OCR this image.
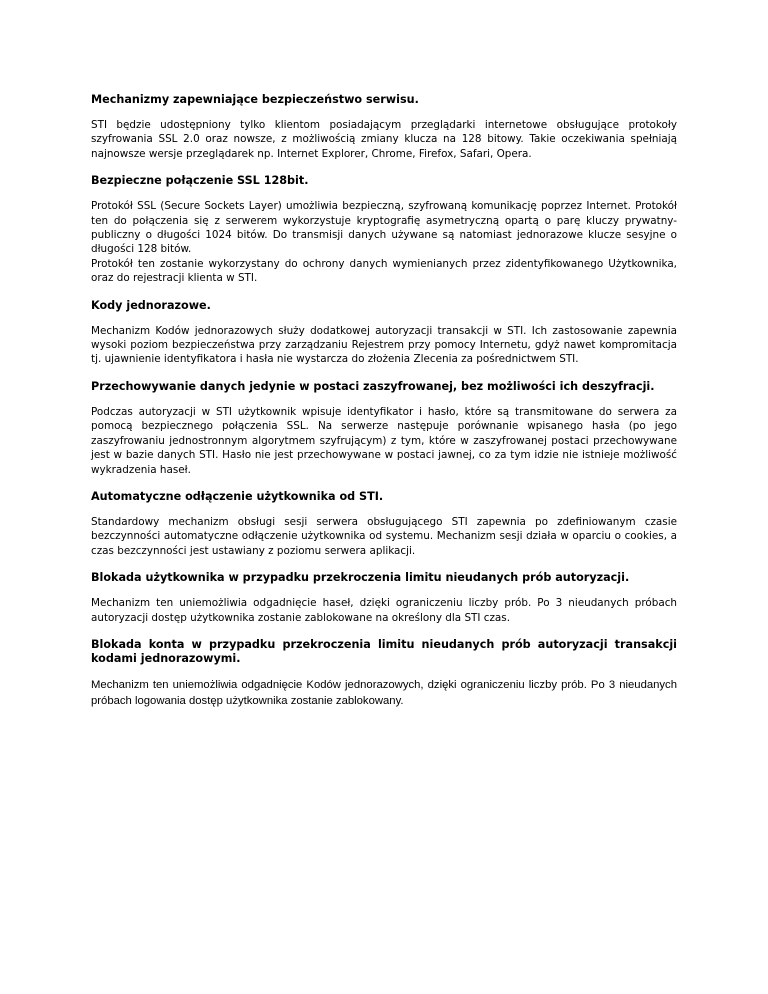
Mechanizmy zapewniające bezpieczeństwo serwisu.

STI będzie udostępniony tylko klientom posiadającym przeglądarki internetowe obsługujące protokoły szyfrowania SSL 2.0 oraz nowsze, z możliwością zmiany klucza na 128 bitowy. Takie oczekiwania spełniają najnowsze wersje przeglądarek np. Internet Explorer, Chrome, Firefox, Safari, Opera.

Bezpieczne połączenie SSL 128bit.

Protokół SSL (Secure Sockets Layer) umożliwia bezpieczną, szyfrowaną komunikację poprzez Internet. Protokół ten do połączenia się z serwerem wykorzystuje kryptografię asymetryczną opartą o parę kluczy prywatny-publiczny o długości 1024 bitów. Do transmisji danych używane są natomiast jednorazowe klucze sesyjne o długości 128 bitów.

Protokół ten zostanie wykorzystany do ochrony danych wymienianych przez zidentyfikowanego Użytkownika, oraz do rejestracji klienta w STI.

Kody jednorazowe.

Mechanizm Kodów jednorazowych służy dodatkowej autoryzacji transakcji w STI. Ich zastosowanie zapewnia wysoki poziom bezpieczeństwa przy zarządzaniu Rejestrem przy pomocy Internetu, gdyż nawet kompromitacja tj. ujawnienie identyfikatora i hasła nie wystarcza do złożenia Zlecenia za pośrednictwem STI.

Przechowywanie danych jedynie w postaci zaszyfrowanej, bez możliwości ich deszyfracji.

Podczas autoryzacji w STI użytkownik wpisuje identyfikator i hasło, które są transmitowane do serwera za pomocą bezpiecznego połączenia SSL. Na serwerze następuje porównanie wpisanego hasła (po jego zaszyfrowaniu jednostronnym algorytmem szyfrującym) z tym, które w zaszyfrowanej postaci przechowywane jest w bazie danych STI. Hasło nie jest przechowywane w postaci jawnej, co za tym idzie nie istnieje możliwość wykradzenia haseł.

Automatyczne odłączenie użytkownika od STI.

Standardowy mechanizm obsługi sesji serwera obsługującego STI zapewnia po zdefiniowanym czasie bezczynności automatyczne odłączenie użytkownika od systemu. Mechanizm sesji działa w oparciu o cookies, a czas bezczynności jest ustawiany z poziomu serwera aplikacji.

Blokada użytkownika w przypadku przekroczenia limitu nieudanych prób autoryzacji.

Mechanizm ten uniemożliwia odgadnięcie haseł, dzięki ograniczeniu liczby prób. Po 3 nieudanych próbach autoryzacji dostęp użytkownika zostanie zablokowane na określony dla STI czas.

Blokada konta w przypadku przekroczenia limitu nieudanych prób autoryzacji transakcji kodami jednorazowymi.

Mechanizm ten uniemożliwia odgadnięcie Kodów jednorazowych, dzięki ograniczeniu liczby prób. Po 3 nieudanych próbach logowania dostęp użytkownika zostanie zablokowany.
